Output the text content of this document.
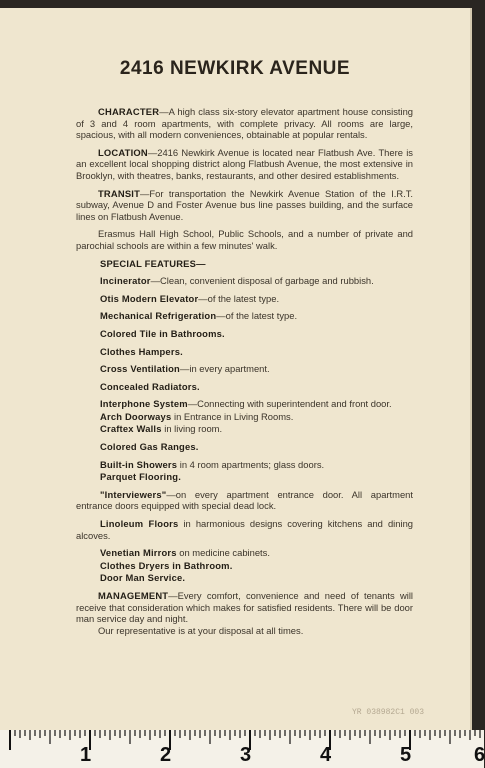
2416 NEWKIRK AVENUE

CHARACTER—A high class six-story elevator apartment house consisting of 3 and 4 room apartments, with complete privacy. All rooms are large, spacious, with all modern conveniences, obtainable at popular rentals.

LOCATION—2416 Newkirk Avenue is located near Flatbush Ave. There is an excellent local shopping district along Flatbush Avenue, the most extensive in Brooklyn, with theatres, banks, restaurants, and other desired establishments.

TRANSIT—For transportation the Newkirk Avenue Station of the I.R.T. subway, Avenue D and Foster Avenue bus line passes building, and the surface lines on Flatbush Avenue.

Erasmus Hall High School, Public Schools, and a number of private and parochial schools are within a few minutes' walk.

SPECIAL FEATURES—

Incinerator—Clean, convenient disposal of garbage and rubbish.

Otis Modern Elevator—of the latest type.

Mechanical Refrigeration—of the latest type.

Colored Tile in Bathrooms.

Clothes Hampers.

Cross Ventilation—in every apartment.

Concealed Radiators.

Interphone System—Connecting with superintendent and front door.

Arch Doorways in Entrance in Living Rooms.

Craftex Walls in living room.

Colored Gas Ranges.

Built-in Showers in 4 room apartments; glass doors.

Parquet Flooring.

"Interviewers"—on every apartment entrance door. All apartment entrance doors equipped with special dead lock.

Linoleum Floors in harmonious designs covering kitchens and dining alcoves.

Venetian Mirrors on medicine cabinets.

Clothes Dryers in Bathroom.

Door Man Service.

MANAGEMENT—Every comfort, convenience and need of tenants will receive that consideration which makes for satisfied residents. There will be door man service day and night.

Our representative is at your disposal at all times.

YR 038982C1 003
1	2	3	4	5	6
